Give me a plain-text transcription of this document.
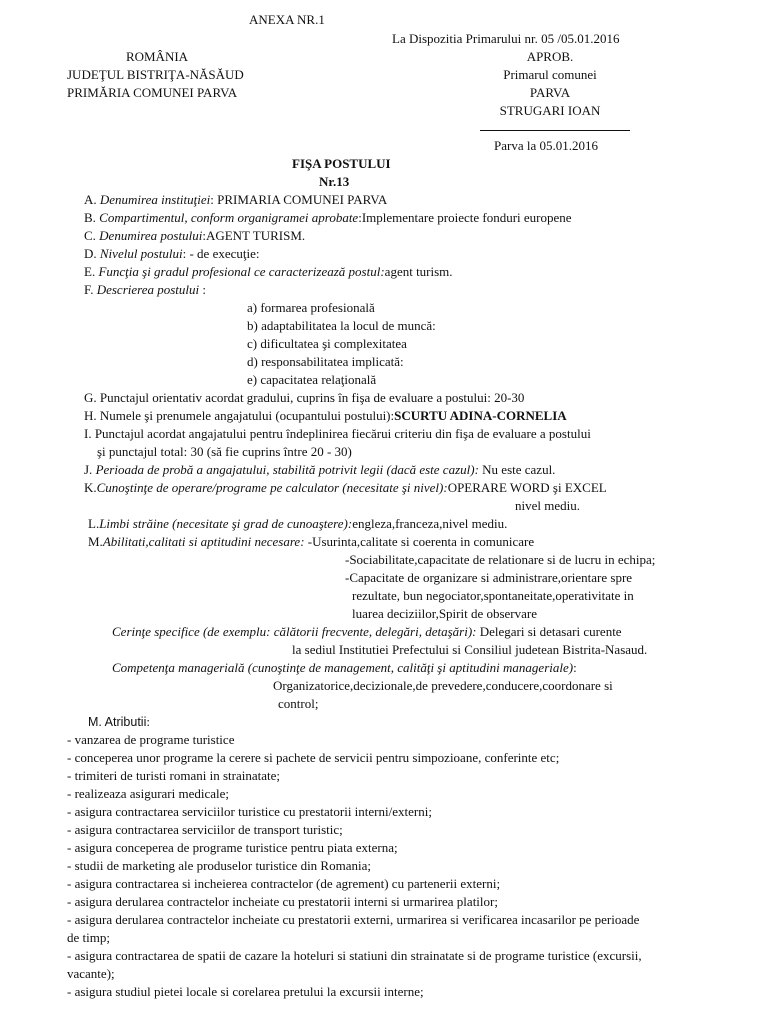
ANEXA NR.1
La Dispozitia Primarului nr. 05 /05.01.2016
ROMÂNIA
JUDEŢUL BISTRIŢA-NĂSĂUD
PRIMĂRIA COMUNEI PARVA
APROB.
Primarul comunei
PARVA
STRUGARI IOAN
Parva la 05.01.2016
FIŞA POSTULUI
Nr.13
A. Denumirea instituţiei: PRIMARIA COMUNEI PARVA
B. Compartimentul, conform organigramei aprobate:Implementare proiecte fonduri europene
C. Denumirea postului:AGENT TURISM.
D. Nivelul postului: - de execuţie:
E. Funcţia şi gradul profesional ce caracterizează postul:agent turism.
F. Descrierea postului :
a) formarea profesională
b) adaptabilitatea la locul de muncă:
c) dificultatea şi complexitatea
d) responsabilitatea implicată:
e) capacitatea relaţională
G. Punctajul orientativ acordat gradului, cuprins în fişa de evaluare a postului: 20-30
H. Numele şi prenumele angajatului (ocupantului postului):SCURTU ADINA-CORNELIA
I. Punctajul acordat angajatului pentru îndeplinirea fiecărui criteriu din fişa de evaluare a postului
şi punctajul total: 30 (să fie cuprins între 20 - 30)
J. Perioada de probă a angajatului, stabilită potrivit legii (dacă este cazul): Nu este cazul.
K.Cunoştinţe de operare/programe pe calculator (necesitate şi nivel):OPERARE WORD şi EXCEL
nivel mediu.
L.Limbi străine (necesitate şi grad de cunoaştere):engleza,franceza,nivel mediu.
M.Abilitati,calitati si aptitudini necesare: -Usurinta,calitate si coerenta in comunicare
-Sociabilitate,capacitate de relationare si de lucru in echipa;
-Capacitate de organizare si administrare,orientare spre
rezultate, bun negociator,spontaneitate,operativitate in
luarea deciziilor,Spirit de observare
Cerinţe specifice (de exemplu: călătorii frecvente, delegări, detaşări): Delegari si detasari curente
la sediul Institutiei Prefectului si Consiliul judetean Bistrita-Nasaud.
Competenţa managerială (cunoştinţe de management, calităţi şi aptitudini manageriale):
Organizatorice,decizionale,de prevedere,conducere,coordonare si
control;
M. Atributii:
- vanzarea de programe turistice
- conceperea unor programe la cerere si pachete de servicii pentru simpozioane, conferinte etc;
- trimiteri de turisti romani in strainatate;
- realizeaza asigurari medicale;
- asigura contractarea serviciilor turistice cu prestatorii interni/externi;
- asigura contractarea serviciilor de transport turistic;
- asigura conceperea de programe turistice pentru piata externa;
- studii de marketing ale produselor turistice din Romania;
- asigura contractarea si incheierea contractelor (de agrement) cu partenerii externi;
- asigura derularea contractelor incheiate cu prestatorii interni si urmarirea platilor;
- asigura derularea contractelor incheiate cu prestatorii externi, urmarirea si verificarea incasarilor pe perioade
de timp;
- asigura contractarea de spatii de cazare la hoteluri si statiuni din strainatate si de programe turistice (excursii,
vacante);
- asigura studiul pietei locale si corelarea pretului la excursii interne;
